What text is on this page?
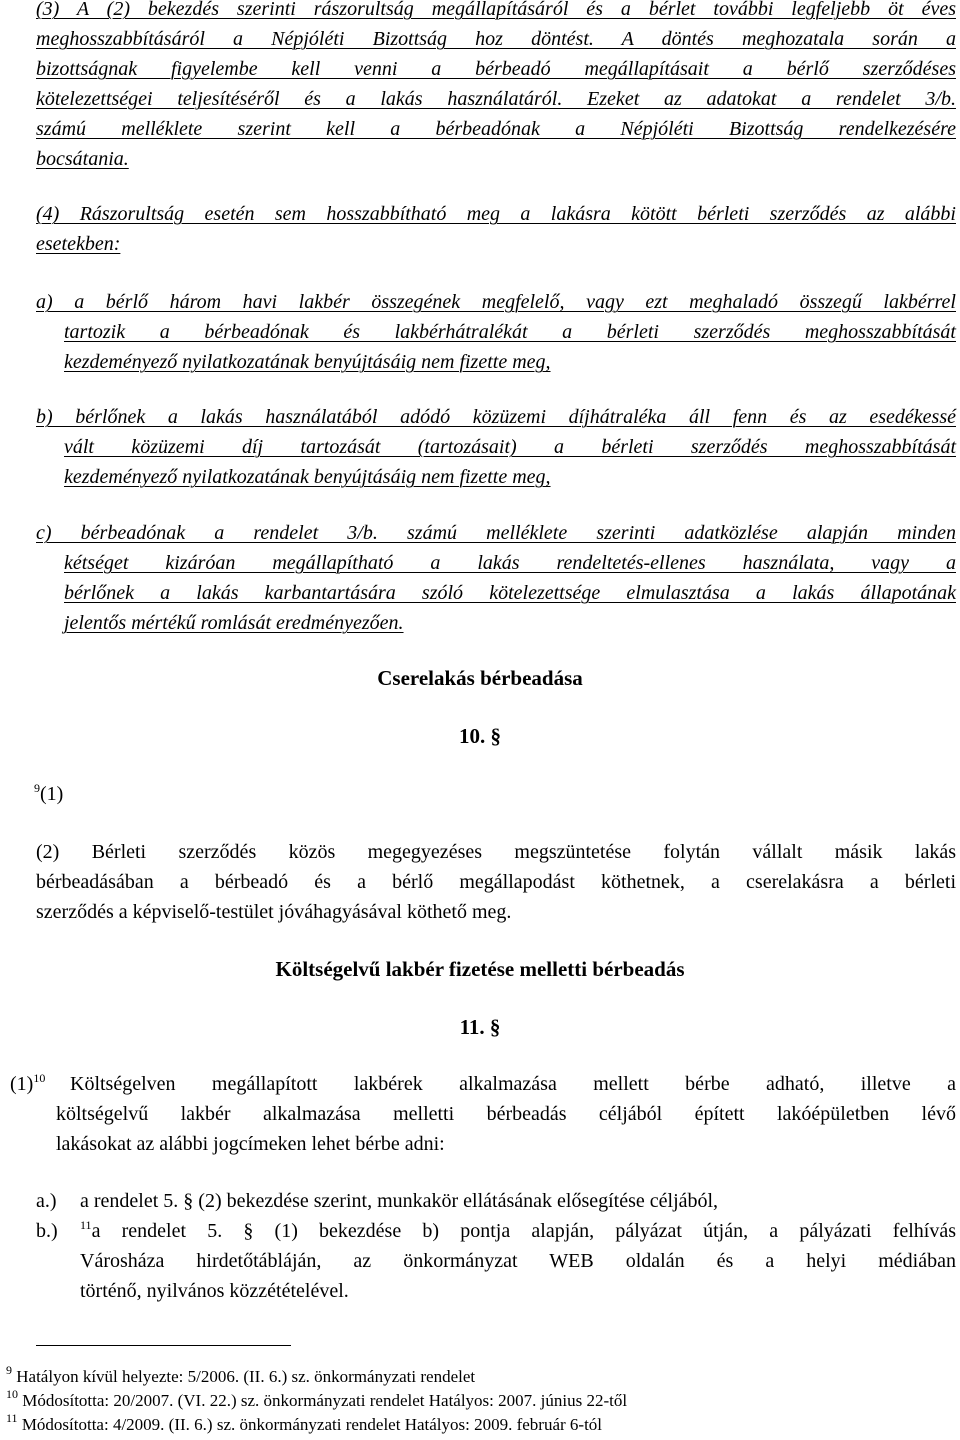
(3) A (2) bekezdés szerinti rászorultság megállapításáról és a bérlet további legfeljebb öt éves
meghosszabbításáról a Népjóléti Bizottság hoz döntést. A döntés meghozatala során a
bizottságnak figyelembe kell venni a bérbeadó megállapításait a bérlő szerződéses
kötelezettségei teljesítéséről és a lakás használatáról. Ezeket az adatokat a rendelet 3/b.
számú melléklete szerint kell a bérbeadónak a Népjóléti Bizottság rendelkezésére
bocsátania.
(4) Rászorultság esetén sem hosszabbítható meg a lakásra kötött bérleti szerződés az alábbi
esetekben:
a) a bérlő három havi lakbér összegének megfelelő, vagy ezt meghaladó összegű lakbérrel
tartozik a bérbeadónak és lakbérhátralékát a bérleti szerződés meghosszabbítását
kezdeményező nyilatkozatának benyújtásáig nem fizette meg,
b) bérlőnek a lakás használatából adódó közüzemi díjhátraléka áll fenn és az esedékessé
vált közüzemi díj tartozását (tartozásait) a bérleti szerződés meghosszabbítását
kezdeményező nyilatkozatának benyújtásáig nem fizette meg,
c) bérbeadónak a rendelet 3/b. számú melléklete szerinti adatközlése alapján minden
kétséget kizáróan megállapítható a lakás rendeltetés-ellenes használata, vagy a
bérlőnek a lakás karbantartására szóló kötelezettsége elmulasztása a lakás állapotának
jelentős mértékű romlását eredményezően.
Cserelakás bérbeadása
10. §
$^9$(1)
(2) Bérleti szerződés közös megegyezéses megszüntetése folytán vállalt másik lakás
bérbeadásában a bérbeadó és a bérlő megállapodást köthetnek, a cserelakásra a bérleti
szerződés a képviselő-testület jóváhagyásával köthető meg.
Költségelvű lakbér fizetése melletti bérbeadás
11. §
$(1)^{10}$ Költségelven megállapított lakbérek alkalmazása mellett bérbe adható, illetve a
költségelvű lakbér alkalmazása melletti bérbeadás céljából épített lakóépületben lévő
lakásokat az alábbi jogcímeken lehet bérbe adni:
a.) a rendelet 5. § (2) bekezdése szerint, munkakör ellátásának elősegítése céljából,
b.) $^{11}$a rendelet 5. § (1) bekezdése b) pontja alapján, pályázat útján, a pályázati felhívás
Városháza hirdetőtábláján, az önkormányzat WEB oldalán és a helyi médiában
történő, nyilvános közzétételével.
$^9$ Hatályon kívül helyezte: 5/2006. (II. 6.) sz. önkormányzati rendelet
$^{10}$ Módosította: 20/2007. (VI. 22.) sz. önkormányzati rendelet Hatályos: 2007. június 22-től
$^{11}$ Módosította: 4/2009. (II. 6.) sz. önkormányzati rendelet Hatályos: 2009. február 6-tól
